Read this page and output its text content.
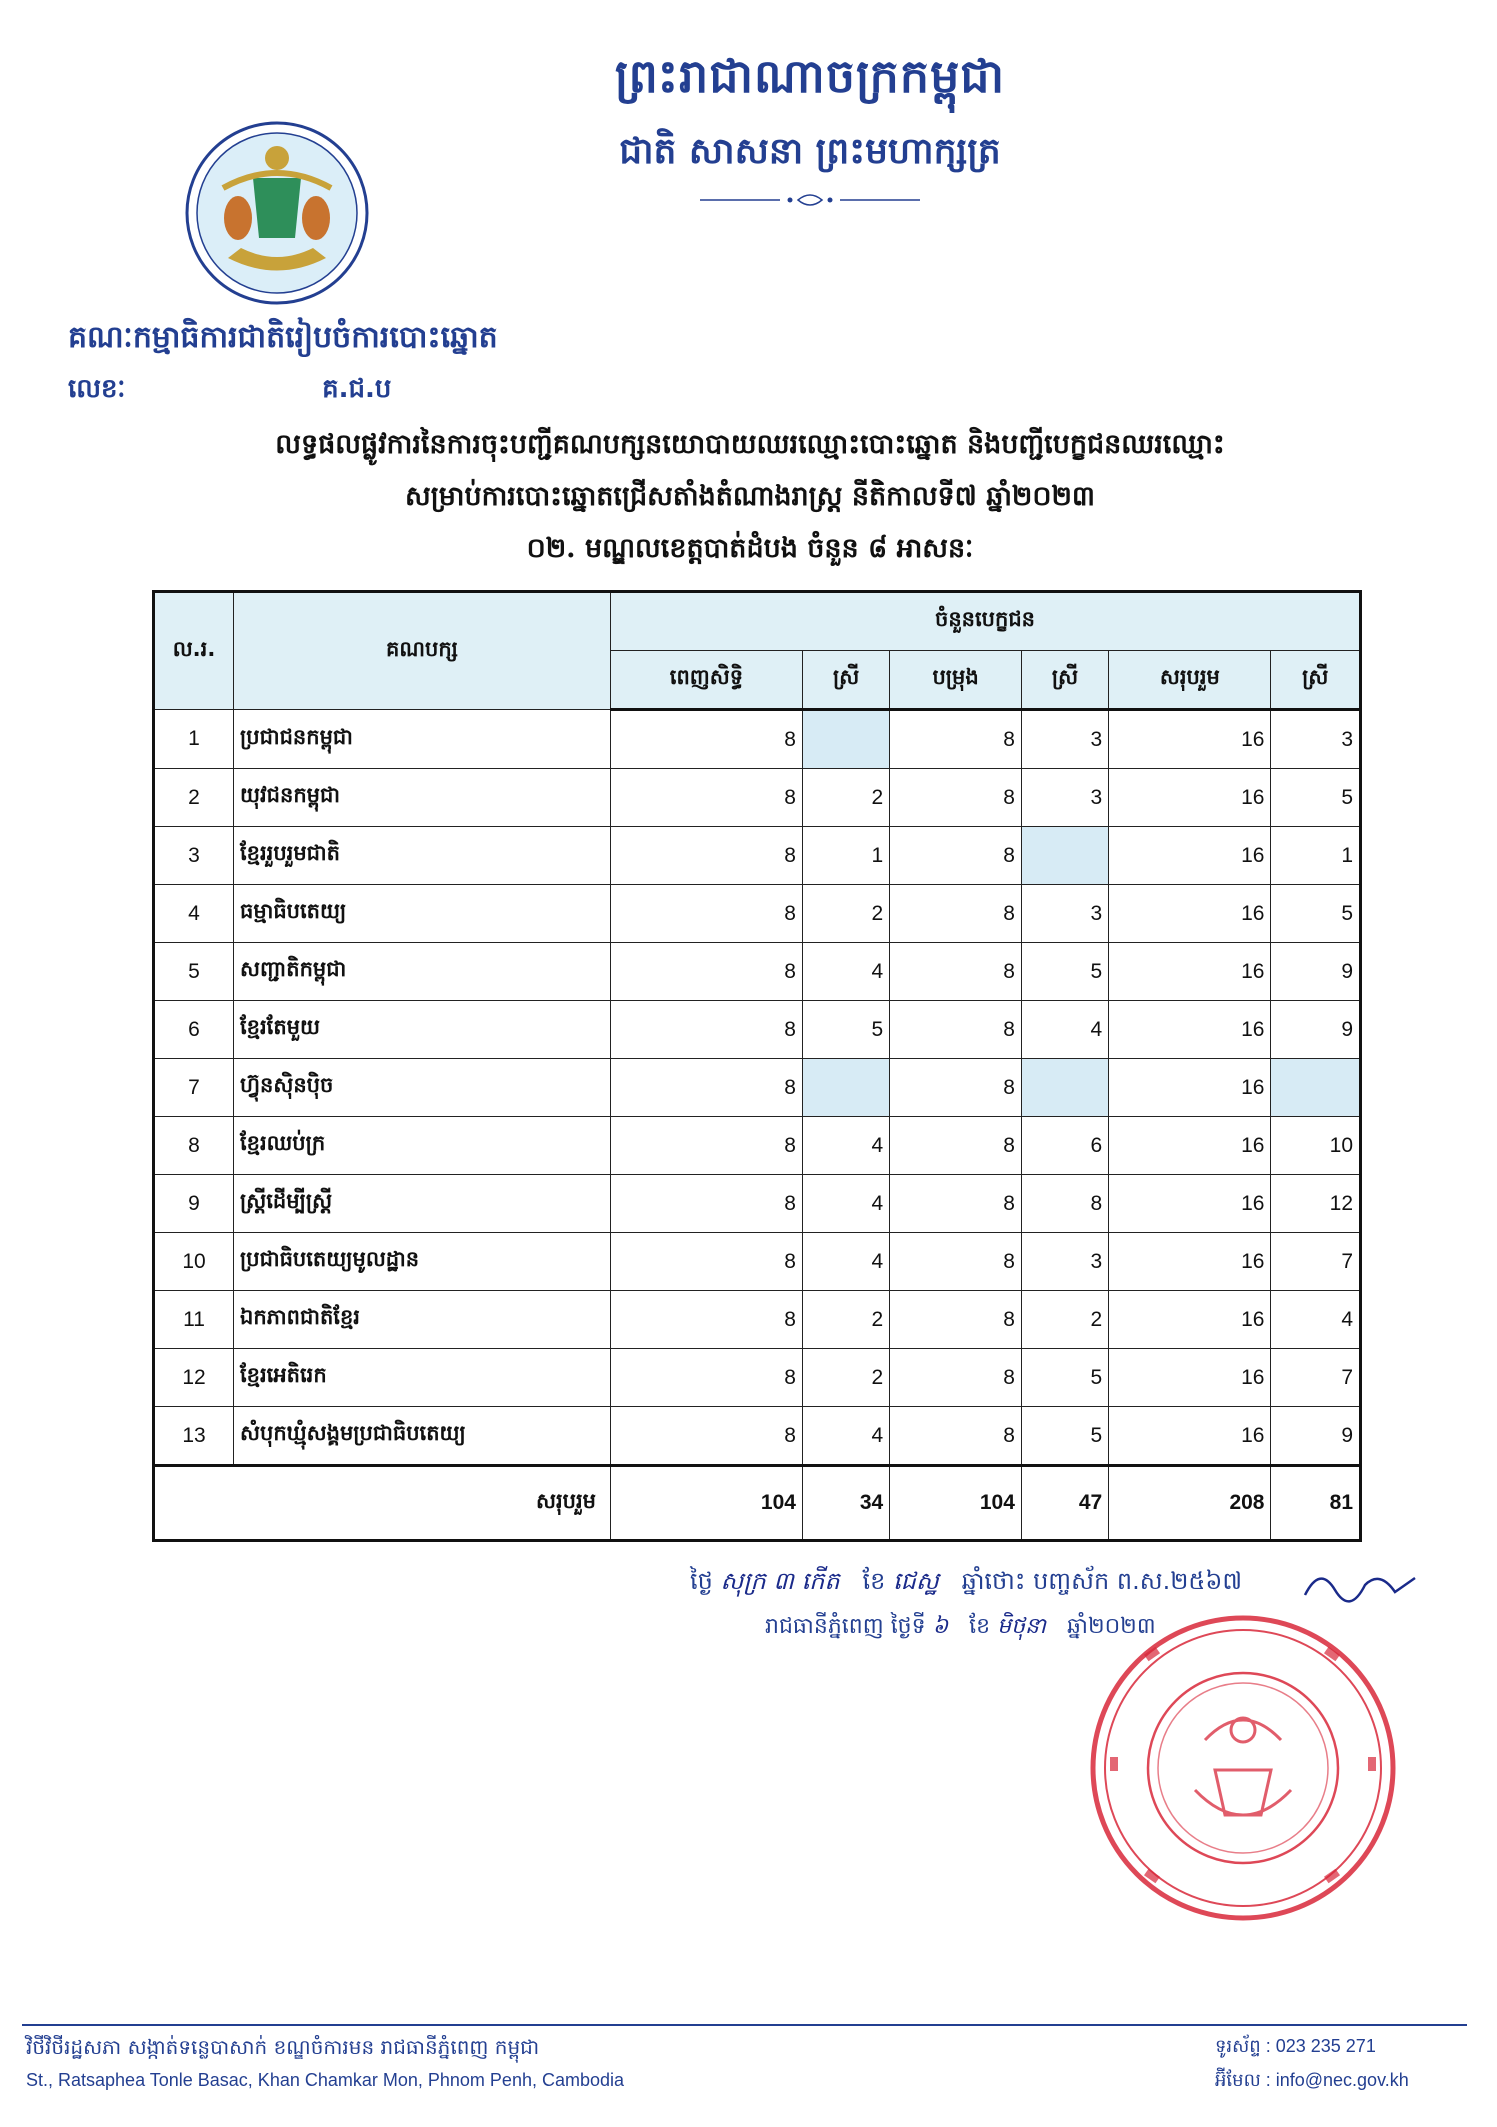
ព្រះរាជាណាចក្រកម្ពុជា
ជាតិ សាសនា ព្រះមហាក្សត្រ
គណៈកម្មាធិការជាតិរៀបចំការបោះឆ្នោត
លេខៈ	គ.ជ.ប
លទ្ធផលផ្លូវការនៃការចុះបញ្ជីគណបក្សនយោបាយឈរឈ្មោះបោះឆ្នោត និងបញ្ជីបេក្ខជនឈរឈ្មោះ
សម្រាប់ការបោះឆ្នោតជ្រើសតាំងតំណាងរាស្ត្រ នីតិកាលទី៧ ឆ្នាំ២០២៣
០២. មណ្ឌលខេត្តបាត់ដំបង ចំនួន ៨ អាសនៈ
ល.រ.	គណបក្ស	ចំនួនបេក្ខជន					
		ពេញសិទ្ធិ	ស្រី	បម្រុង	ស្រី	សរុបរួម	ស្រី
1	ប្រជាជនកម្ពុជា	8		8	3	16	3
2	យុវជនកម្ពុជា	8	2	8	3	16	5
3	ខ្មែររួបរួមជាតិ	8	1	8		16	1
4	ធម្មាធិបតេយ្យ	8	2	8	3	16	5
5	សញ្ជាតិកម្ពុជា	8	4	8	5	16	9
6	ខ្មែរតែមួយ	8	5	8	4	16	9
7	ហ៊្វុនស៊ិនប៉ិច	8		8		16	
8	ខ្មែរឈប់ក្រ	8	4	8	6	16	10
9	ស្ត្រីដើម្បីស្ត្រី	8	4	8	8	16	12
10	ប្រជាធិបតេយ្យមូលដ្ឋាន	8	4	8	3	16	7
11	ឯកភាពជាតិខ្មែរ	8	2	8	2	16	4
12	ខ្មែរអេតិរេក	8	2	8	5	16	7
13	សំបុកឃ្មុំសង្គមប្រជាធិបតេយ្យ	8	4	8	5	16	9
សរុបរួម		104	34	104	47	208	81
ថ្ងៃ សុក្រ ៣ កើត ខែ ជេស្ឋ ឆ្នាំថោះ បញ្ចស័ក ព.ស.២៥៦៧
រាជធានីភ្នំពេញ ថ្ងៃទី ៦ ខែ មិថុនា ឆ្នាំ២០២៣
វិថីវិថីរដ្ឋសភា សង្កាត់ទន្លេបាសាក់ ខណ្ឌចំការមន រាជធានីភ្នំពេញ កម្ពុជា
St., Ratsaphea Tonle Basac, Khan Chamkar Mon, Phnom Penh, Cambodia
ទូរស័ព្ទ : 023 235 271
អ៊ីមែល : info@nec.gov.kh
